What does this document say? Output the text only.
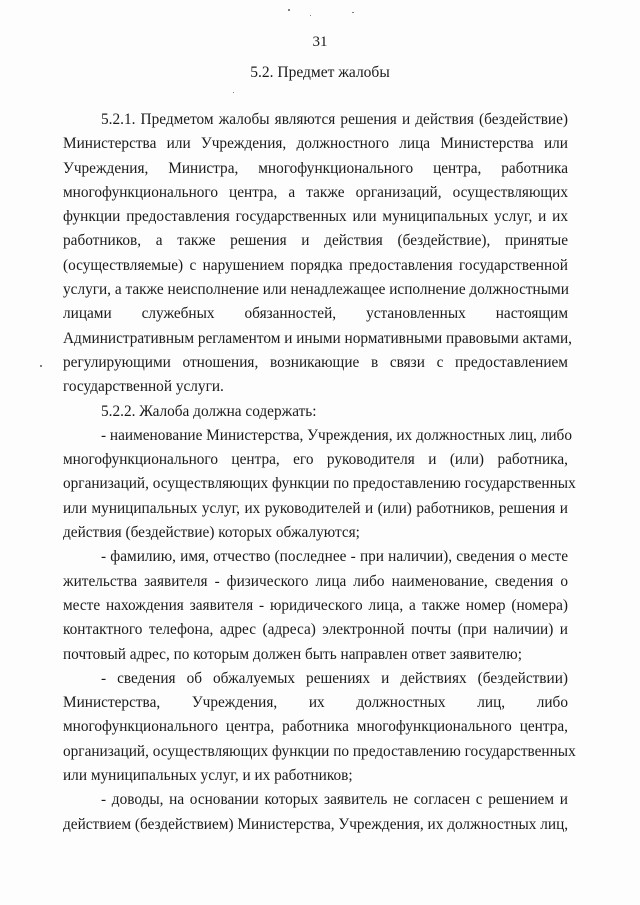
31
5.2. Предмет жалобы
5.2.1. Предметом жалобы являются решения и действия (бездействие)
Министерства или Учреждения, должностного лица Министерства или
Учреждения, Министра, многофункционального центра, работника
многофункционального центра, а также организаций, осуществляющих
функции предоставления государственных или муниципальных услуг, и их
работников, а также решения и действия (бездействие), принятые
(осуществляемые) с нарушением порядка предоставления государственной
услуги, а также неисполнение или ненадлежащее исполнение должностными
лицами служебных обязанностей, установленных настоящим
Административным регламентом и иными нормативными правовыми актами,
регулирующими отношения, возникающие в связи с предоставлением
государственной услуги.
5.2.2. Жалоба должна содержать:
- наименование Министерства, Учреждения, их должностных лиц, либо
многофункционального центра, его руководителя и (или) работника,
организаций, осуществляющих функции по предоставлению государственных
или муниципальных услуг, их руководителей и (или) работников, решения и
действия (бездействие) которых обжалуются;
- фамилию, имя, отчество (последнее - при наличии), сведения о месте
жительства заявителя - физического лица либо наименование, сведения о
месте нахождения заявителя - юридического лица, а также номер (номера)
контактного телефона, адрес (адреса) электронной почты (при наличии) и
почтовый адрес, по которым должен быть направлен ответ заявителю;
- сведения об обжалуемых решениях и действиях (бездействии)
Министерства, Учреждения, их должностных лиц, либо
многофункционального центра, работника многофункционального центра,
организаций, осуществляющих функции по предоставлению государственных
или муниципальных услуг, и их работников;
- доводы, на основании которых заявитель не согласен с решением и
действием (бездействием) Министерства, Учреждения, их должностных лиц,
